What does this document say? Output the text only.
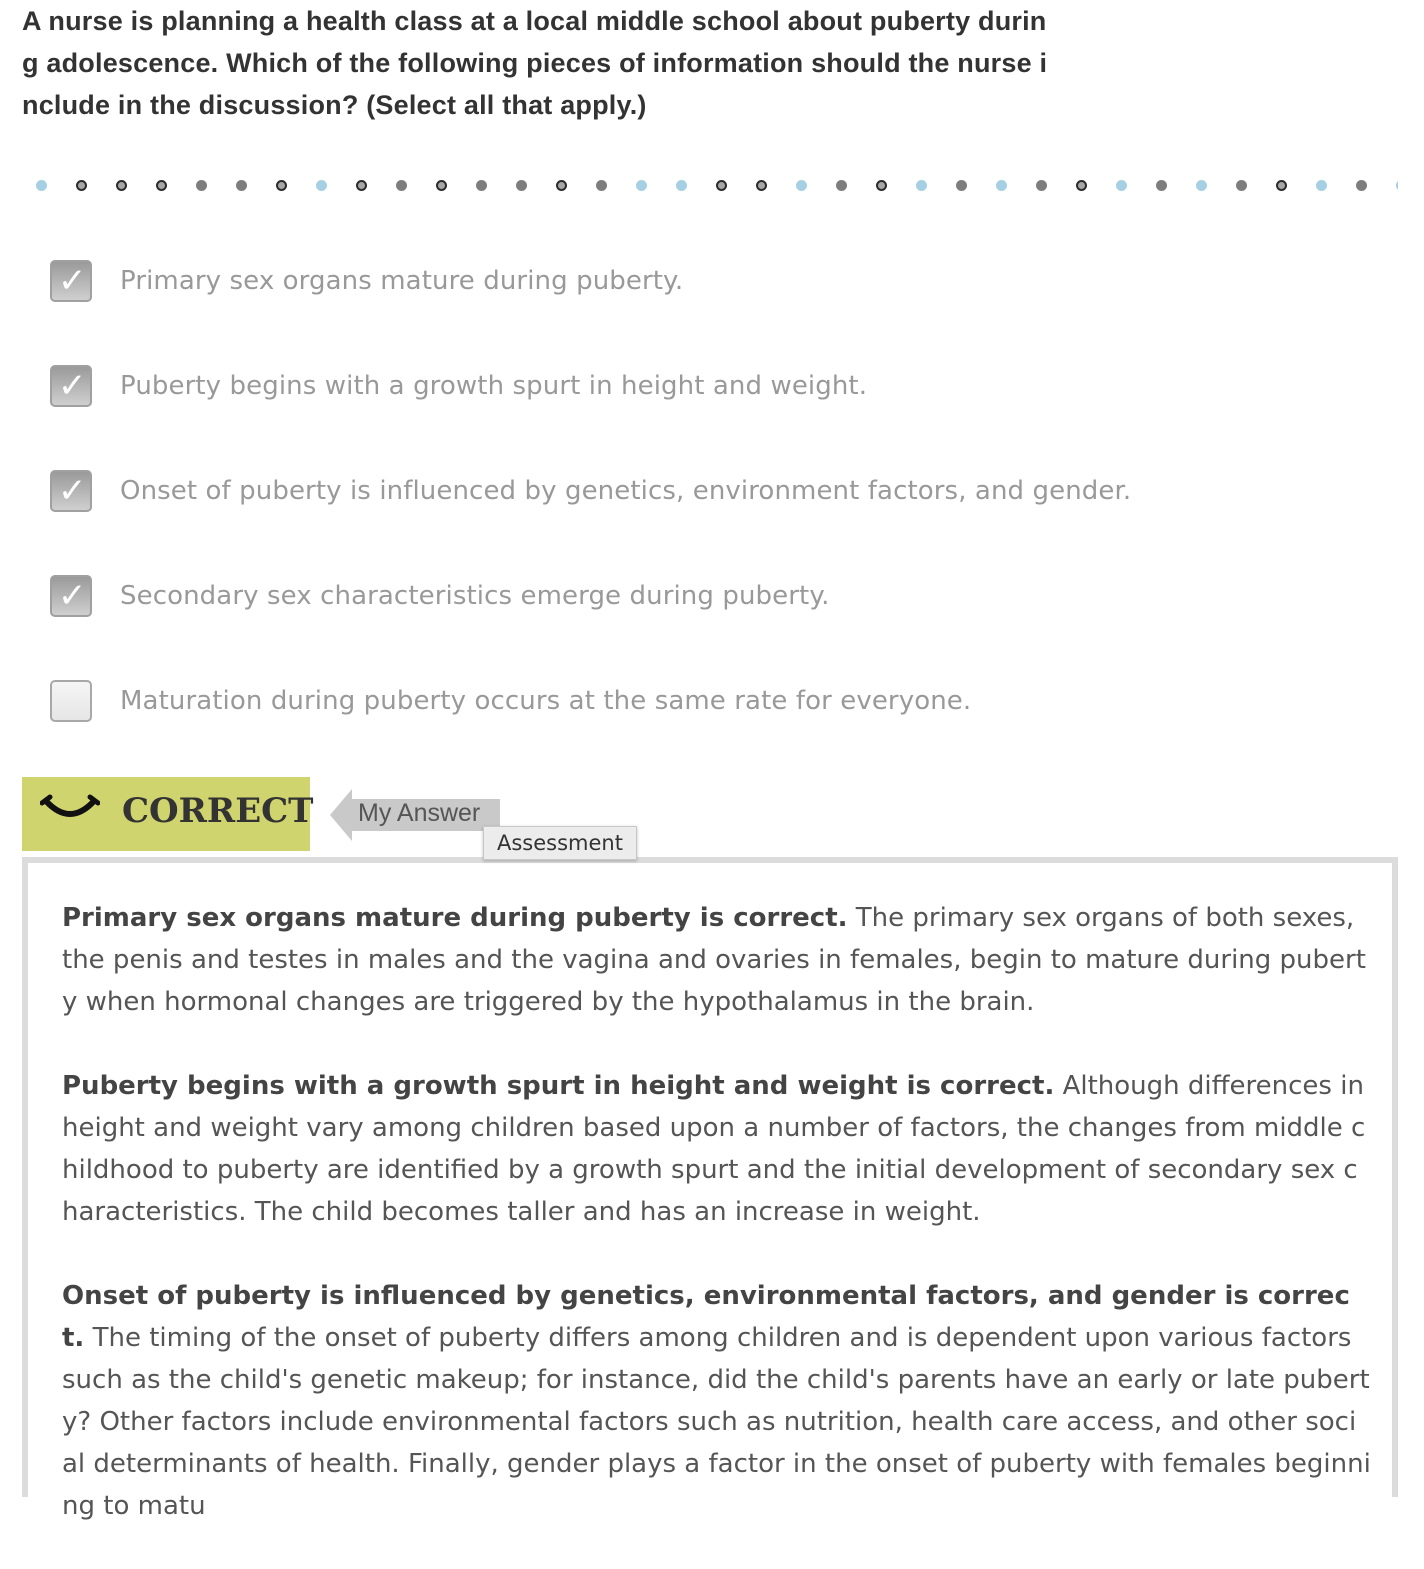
A nurse is planning a health class at a local middle school about puberty during adolescence. Which of the following pieces of information should the nurse include in the discussion? (Select all that apply.)
✓ Primary sex organs mature during puberty.
✓ Puberty begins with a growth spurt in height and weight.
✓ Onset of puberty is influenced by genetics, environment factors, and gender.
✓ Secondary sex characteristics emerge during puberty.
Maturation during puberty occurs at the same rate for everyone.
CORRECT My Answer
Assessment

Primary sex organs mature during puberty is correct. The primary sex organs of both sexes, the penis and testes in males and the vagina and ovaries in females, begin to mature during puberty when hormonal changes are triggered by the hypothalamus in the brain.

Puberty begins with a growth spurt in height and weight is correct. Although differences in height and weight vary among children based upon a number of factors, the changes from middle childhood to puberty are identified by a growth spurt and the initial development of secondary sex characteristics. The child becomes taller and has an increase in weight.

Onset of puberty is influenced by genetics, environmental factors, and gender is correct. The timing of the onset of puberty differs among children and is dependent upon various factors such as the child's genetic makeup; for instance, did the child's parents have an early or late puberty? Other factors include environmental factors such as nutrition, health care access, and other social determinants of health. Finally, gender plays a factor in the onset of puberty with females beginning to matu
